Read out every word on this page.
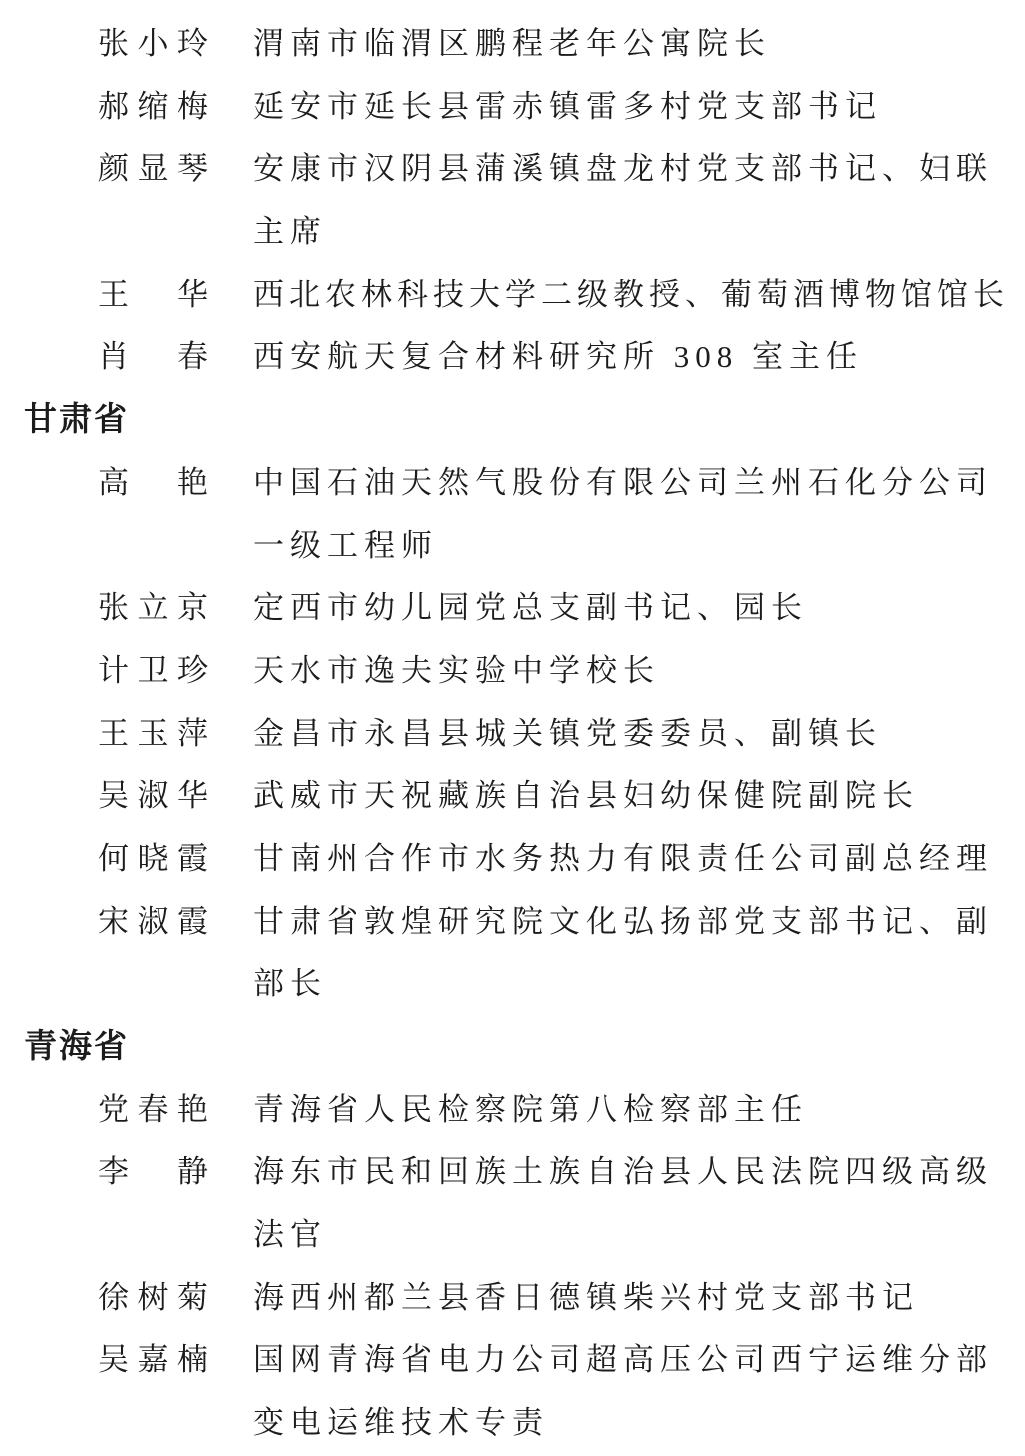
张小玲 渭南市临渭区鹏程老年公寓院长
郝缩梅 延安市延长县雷赤镇雷多村党支部书记
颜显琴 安康市汉阴县蒲溪镇盘龙村党支部书记、妇联
主席
王华 西北农林科技大学二级教授、葡萄酒博物馆馆长
肖春 西安航天复合材料研究所 308 室主任
甘肃省
高艳 中国石油天然气股份有限公司兰州石化分公司
一级工程师
张立京 定西市幼儿园党总支副书记、园长
计卫珍 天水市逸夫实验中学校长
王玉萍 金昌市永昌县城关镇党委委员、副镇长
吴淑华 武威市天祝藏族自治县妇幼保健院副院长
何晓霞 甘南州合作市水务热力有限责任公司副总经理
宋淑霞 甘肃省敦煌研究院文化弘扬部党支部书记、副
部长
青海省
党春艳 青海省人民检察院第八检察部主任
李静 海东市民和回族土族自治县人民法院四级高级
法官
徐树菊 海西州都兰县香日德镇柴兴村党支部书记
吴嘉楠 国网青海省电力公司超高压公司西宁运维分部
变电运维技术专责
